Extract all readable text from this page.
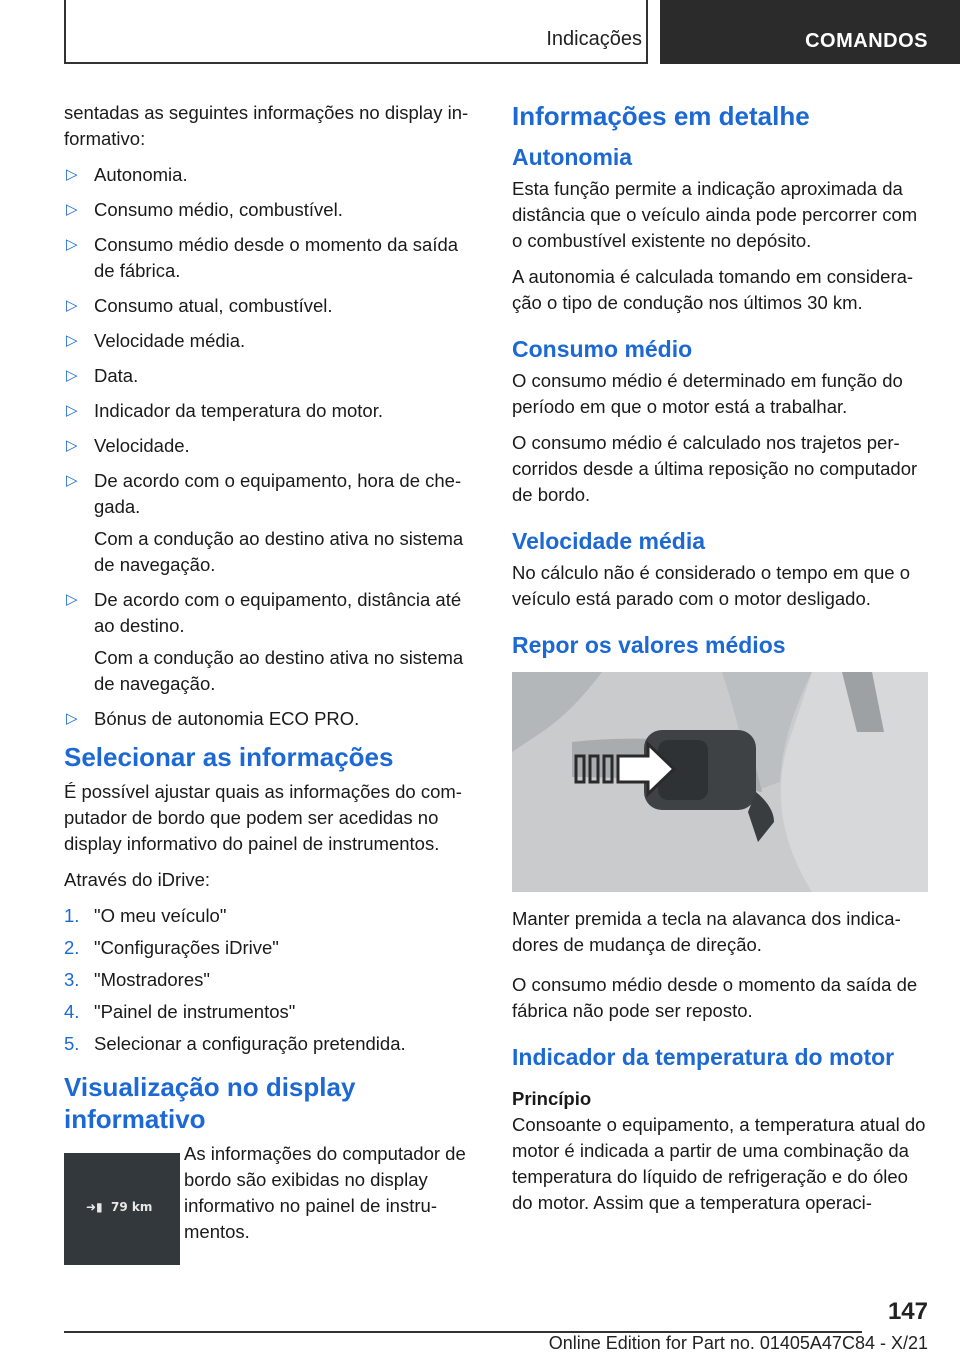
Indicações	COMANDOS

sentadas as seguintes informações no display informativo:

▷ Autonomia.
▷ Consumo médio, combustível.
▷ Consumo médio desde o momento da saída de fábrica.
▷ Consumo atual, combustível.
▷ Velocidade média.
▷ Data.
▷ Indicador da temperatura do motor.
▷ Velocidade.
▷ De acordo com o equipamento, hora de chegada.
Com a condução ao destino ativa no sistema de navegação.
▷ De acordo com o equipamento, distância até ao destino.
Com a condução ao destino ativa no sistema de navegação.
▷ Bónus de autonomia ECO PRO.
Selecionar as informações

É possível ajustar quais as informações do computador de bordo que podem ser acedidas no display informativo do painel de instrumentos.

Através do iDrive:

1. "O meu veículo"
2. "Configurações iDrive"
3. "Mostradores"
4. "Painel de instrumentos"
5. Selecionar a configuração pretendida.
Visualização no display informativo
➜▮ 79 km

As informações do computador de bordo são exibidas no display informativo no painel de instrumentos.

Informações em detalhe
Autonomia

Esta função permite a indicação aproximada da distância que o veículo ainda pode percorrer com o combustível existente no depósito.

A autonomia é calculada tomando em consideração o tipo de condução nos últimos 30 km.

Consumo médio

O consumo médio é determinado em função do período em que o motor está a trabalhar.

O consumo médio é calculado nos trajetos percorridos desde a última reposição no computador de bordo.

Velocidade média

No cálculo não é considerado o tempo em que o veículo está parado com o motor desligado.

Repor os valores médios

Manter premida a tecla na alavanca dos indicadores de mudança de direção.

O consumo médio desde o momento da saída de fábrica não pode ser reposto.

Indicador da temperatura do motor
Princípio

Consoante o equipamento, a temperatura atual do motor é indicada a partir de uma combinação da temperatura do líquido de refrigeração e do óleo do motor. Assim que a temperatura operaci-

147
Online Edition for Part no. 01405A47C84 - X/21
